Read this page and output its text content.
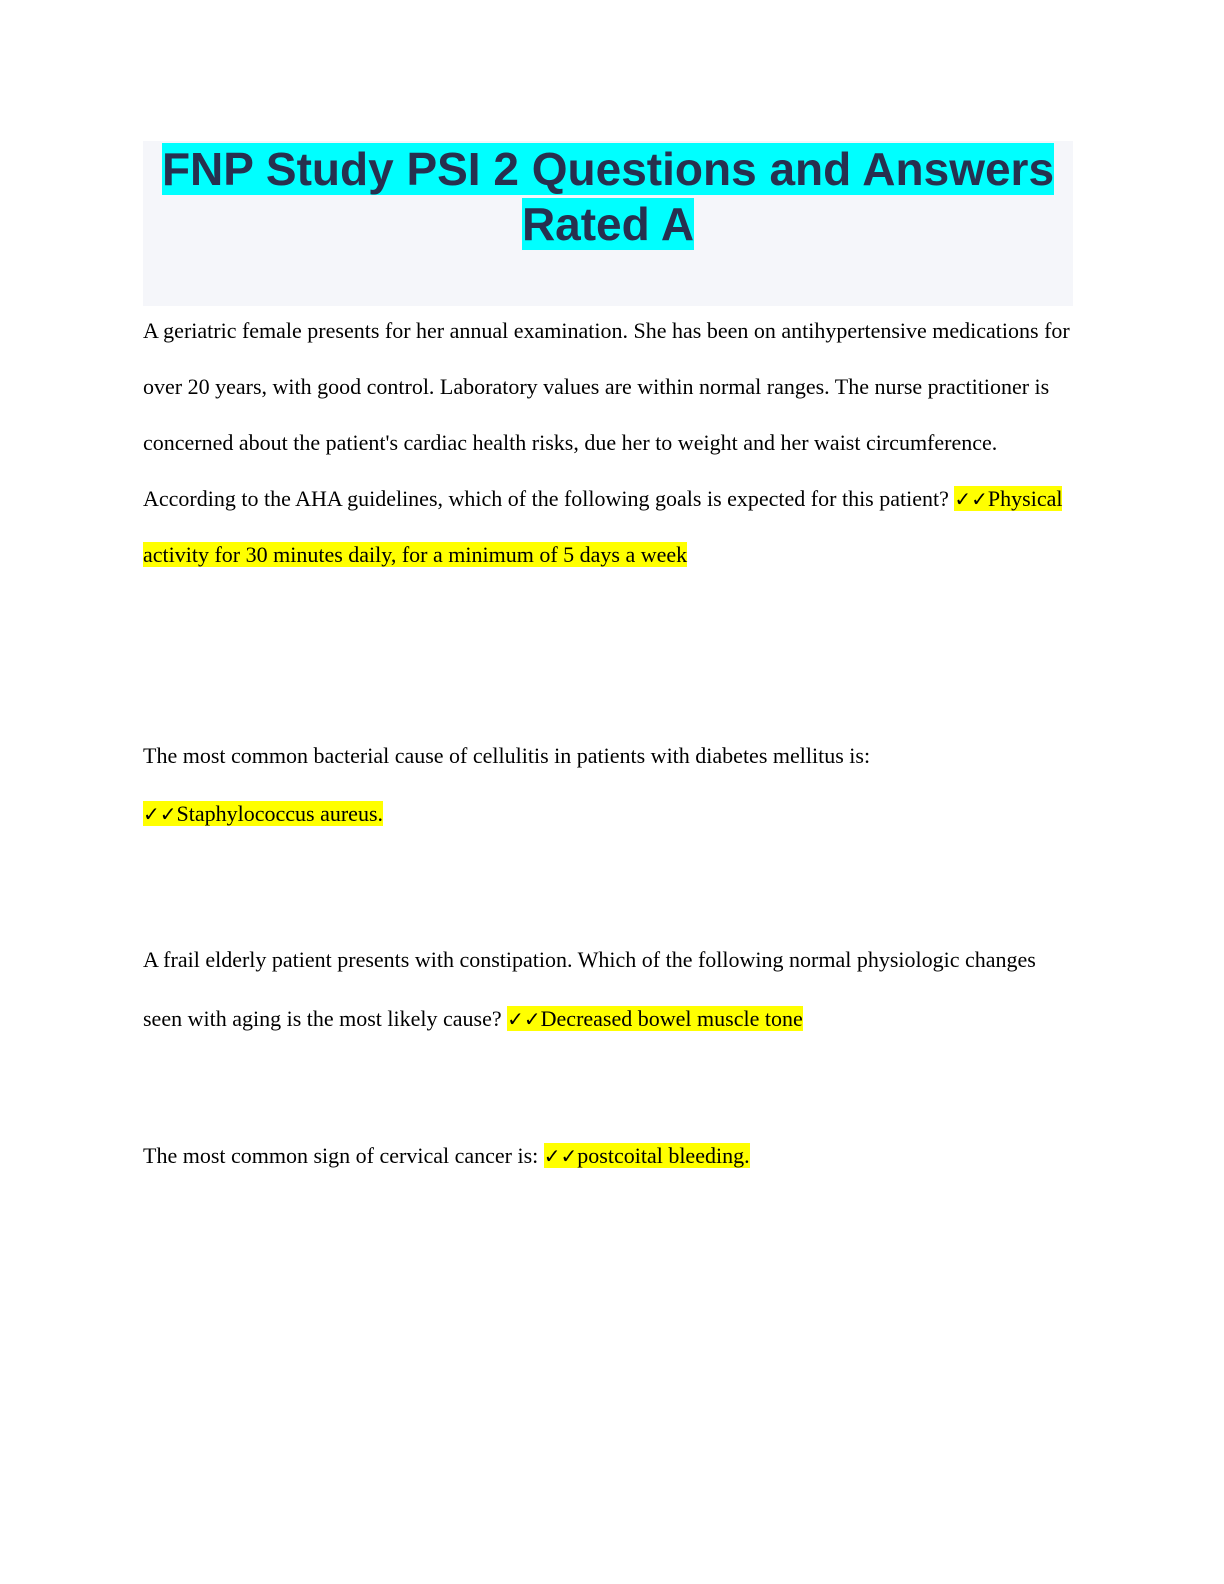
FNP Study PSI 2 Questions and Answers
Rated A

A geriatric female presents for her annual examination. She has been on antihypertensive medications for over 20 years, with good control. Laboratory values are within normal ranges. The nurse practitioner is concerned about the patient's cardiac health risks, due her to weight and her waist circumference. According to the AHA guidelines, which of the following goals is expected for this patient? ✓✓Physical activity for 30 minutes daily, for a minimum of 5 days a week

The most common bacterial cause of cellulitis in patients with diabetes mellitus is:
✓✓Staphylococcus aureus.

A frail elderly patient presents with constipation. Which of the following normal physiologic changes seen with aging is the most likely cause? ✓✓Decreased bowel muscle tone

The most common sign of cervical cancer is: ✓✓postcoital bleeding.
